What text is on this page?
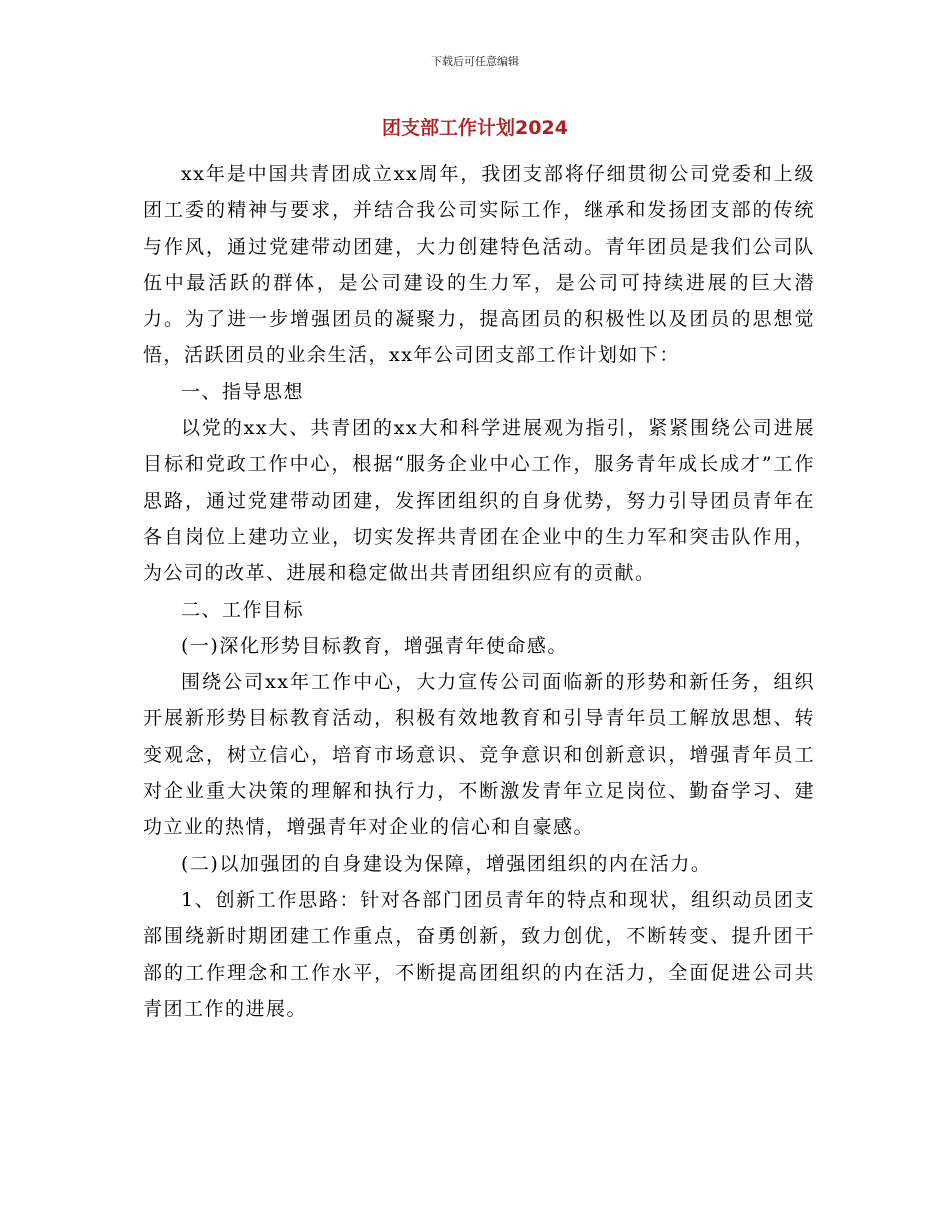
下载后可任意编辑
团支部工作计划2024

xx年是中国共青团成立xx周年，我团支部将仔细贯彻公司党委和上级团工委的精神与要求，并结合我公司实际工作，继承和发扬团支部的传统与作风，通过党建带动团建，大力创建特色活动。青年团员是我们公司队伍中最活跃的群体，是公司建设的生力军，是公司可持续进展的巨大潜力。为了进一步增强团员的凝聚力，提高团员的积极性以及团员的思想觉悟，活跃团员的业余生活，xx年公司团支部工作计划如下：

一、指导思想

以党的xx大、共青团的xx大和科学进展观为指引，紧紧围绕公司进展目标和党政工作中心，根据“服务企业中心工作，服务青年成长成才”工作思路，通过党建带动团建，发挥团组织的自身优势，努力引导团员青年在各自岗位上建功立业，切实发挥共青团在企业中的生力军和突击队作用，为公司的改革、进展和稳定做出共青团组织应有的贡献。

二、工作目标

(一)深化形势目标教育，增强青年使命感。

围绕公司xx年工作中心，大力宣传公司面临新的形势和新任务，组织开展新形势目标教育活动，积极有效地教育和引导青年员工解放思想、转变观念，树立信心，培育市场意识、竞争意识和创新意识，增强青年员工对企业重大决策的理解和执行力，不断激发青年立足岗位、勤奋学习、建功立业的热情，增强青年对企业的信心和自豪感。

(二)以加强团的自身建设为保障，增强团组织的内在活力。

1、创新工作思路：针对各部门团员青年的特点和现状，组织动员团支部围绕新时期团建工作重点，奋勇创新，致力创优，不断转变、提升团干部的工作理念和工作水平，不断提高团组织的内在活力，全面促进公司共青团工作的进展。
